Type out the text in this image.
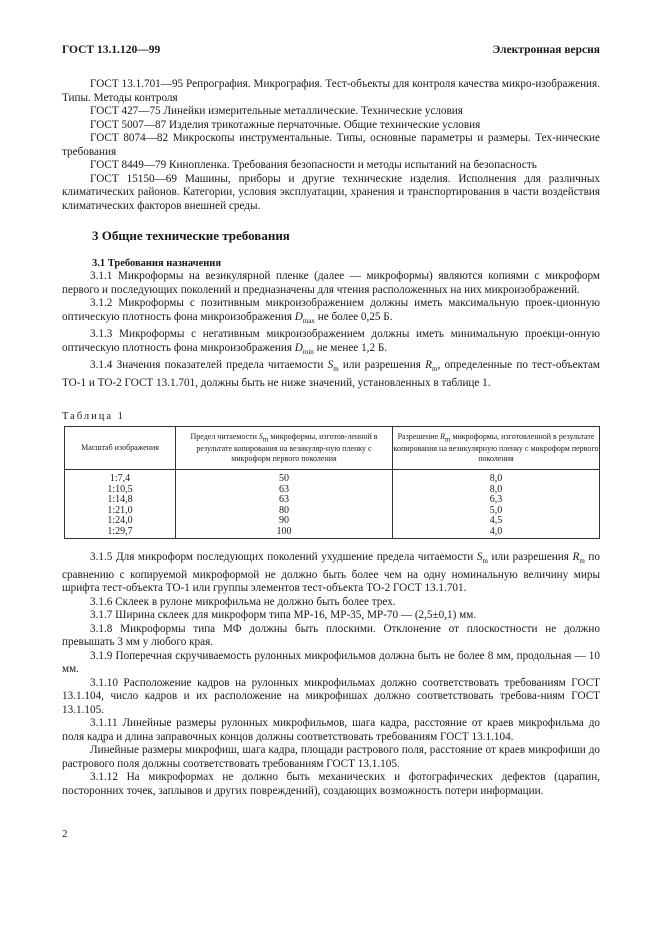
ГОСТ 13.1.120—99	Электронная версия

ГОСТ 13.1.701—95 Репрография. Микрография. Тест-объекты для контроля качества микро-изображения. Типы. Методы контроля

ГОСТ 427—75 Линейки измерительные металлические. Технические условия

ГОСТ 5007—87 Изделия трикотажные перчаточные. Общие технические условия

ГОСТ 8074—82 Микроскопы инструментальные. Типы, основные параметры и размеры. Тех-нические требования

ГОСТ 8449—79 Кинопленка. Требования безопасности и методы испытаний на безопасность

ГОСТ 15150—69 Машины, приборы и другие технические изделия. Исполнения для различных климатических районов. Категории, условия эксплуатации, хранения и транспортирования в части воздействия климатических факторов внешней среды.

3 Общие технические требования
3.1 Требования назначения

3.1.1 Микроформы на везикулярной пленке (далее — микроформы) являются копиями с микроформ первого и последующих поколений и предназначены для чтения расположенных на них микроизображений.

3.1.2 Микроформы с позитивным микроизображением должны иметь максимальную проек-ционную оптическую плотность фона микроизображения $D_{max}$ не более 0,25 Б.

3.1.3 Микроформы с негативным микроизображением должны иметь минимальную проекци-онную оптическую плотность фона микроизображения $D_{min}$ не менее 1,2 Б.

3.1.4 Значения показателей предела читаемости $S_m$ или разрешения $R_m$, определенные по тест-объектам ТО-1 и ТО-2 ГОСТ 13.1.701, должны быть не ниже значений, установленных в таблице 1.

Таблица 1
Масштаб изображения	Предел читаемости $S_m$ микроформы, изготов-ленной в результате копирования на везикуляр-ную пленку с микроформ первого поколения	Разрешение $R_m$ микроформы, изготовленной в результате копирования на везикулярную пленку с микроформ первого поколения
1:7,4	50	8,0
1:10,5	63	8,0
1:14,8	63	6,3
1:21,0	80	5,0
1:24,0	90	4,5
1:29,7	100	4,0

3.1.5 Для микроформ последующих поколений ухудшение предела читаемости $S_m$ или разрешения $R_m$ по сравнению с копируемой микроформой не должно быть более чем на одну номинальную величину миры шрифта тест-объекта ТО-1 или группы элементов тест-объекта ТО-2 ГОСТ 13.1.701.

3.1.6 Склеек в рулоне микрофильма не должно быть более трех.

3.1.7 Ширина склеек для микроформ типа МР-16, МР-35, МР-70 — (2,5±0,1) мм.

3.1.8 Микроформы типа МФ должны быть плоскими. Отклонение от плоскостности не должно превышать 3 мм у любого края.

3.1.9 Поперечная скручиваемость рулонных микрофильмов должна быть не более 8 мм, продольная — 10 мм.

3.1.10 Расположение кадров на рулонных микрофильмах должно соответствовать требованиям ГОСТ 13.1.104, число кадров и их расположение на микрофишах должно соответствовать требова-ниям ГОСТ 13.1.105.

3.1.11 Линейные размеры рулонных микрофильмов, шага кадра, расстояние от краев микрофильма до поля кадра и длина заправочных концов должны соответствовать требованиям ГОСТ 13.1.104.

Линейные размеры микрофиш, шага кадра, площади растрового поля, расстояние от краев микрофиши до растрового поля должны соответствовать требованиям ГОСТ 13.1.105.

3.1.12 На микроформах не должно быть механических и фотографических дефектов (царапин, посторонних точек, заплывов и других повреждений), создающих возможность потери информации.

2
